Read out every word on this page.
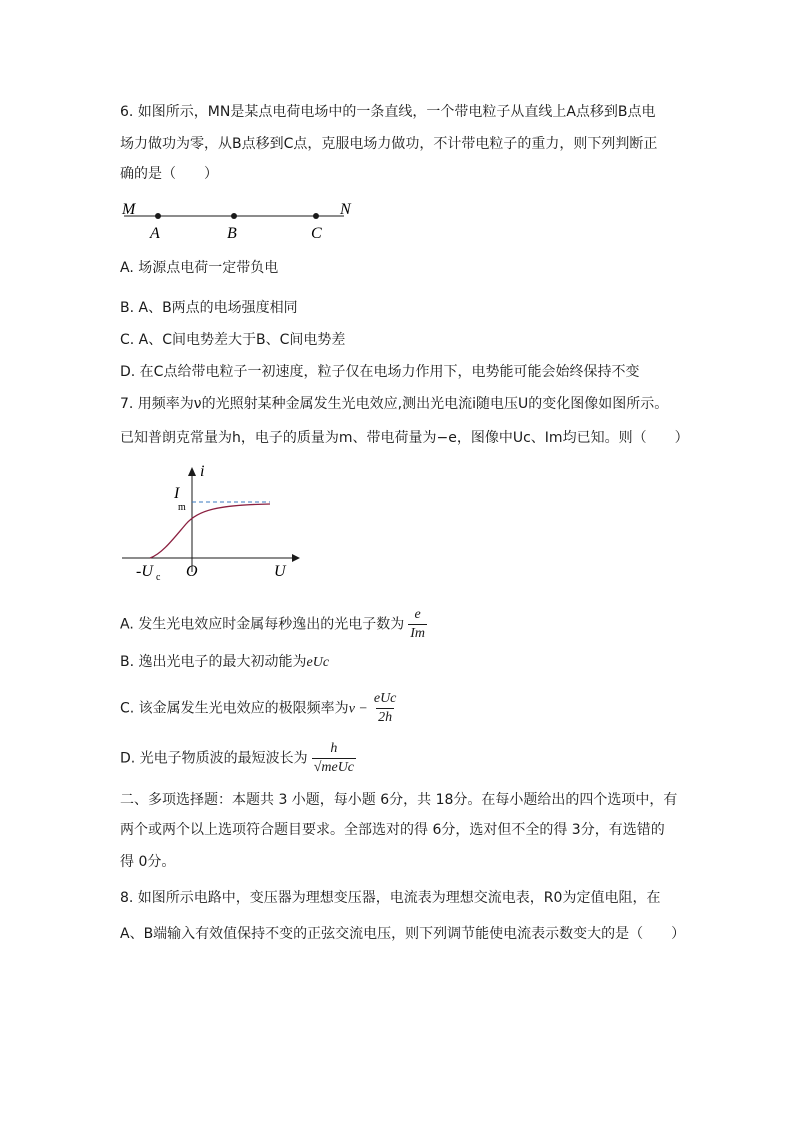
6. 如图所示，MN是某点电荷电场中的一条直线，一个带电粒子从直线上A点移到B点电
场力做功为零，从B点移到C点，克服电场力做功，不计带电粒子的重力，则下列判断正
确的是（　　）
M	N
A	B	C
A. 场源点电荷一定带负电
B. A、B两点的电场强度相同
C. A、C间电势差大于B、C间电势差
D. 在C点给带电粒子一初速度，粒子仅在电场力作用下，电势能可能会始终保持不变
7. 用频率为ν的光照射某种金属发生光电效应,测出光电流i随电压U的变化图像如图所示。
已知普朗克常量为h，电子的质量为m、带电荷量为−e，图像中Uc、Im均已知。则（　　）
i
I
m
U
O
-U c
A. 发生光电效应时金属每秒逸出的光电子数为 $\frac{e}{Im}$
B. 逸出光电子的最大初动能为eUc
C. 该金属发生光电效应的极限频率为$\nu - \frac{\text{eUc}}{2h}$
D. 光电子物质波的最短波长为 $\frac{h}{\text{√meUc}}$
二、多项选择题：本题共 3 小题，每小题 6分，共 18分。在每小题给出的四个选项中，有
两个或两个以上选项符合题目要求。全部选对的得 6分，选对但不全的得 3分，有选错的
得 0分。
8. 如图所示电路中，变压器为理想变压器，电流表为理想交流电表，R0为定值电阻，在
A、B端输入有效值保持不变的正弦交流电压，则下列调节能使电流表示数变大的是（　　）
